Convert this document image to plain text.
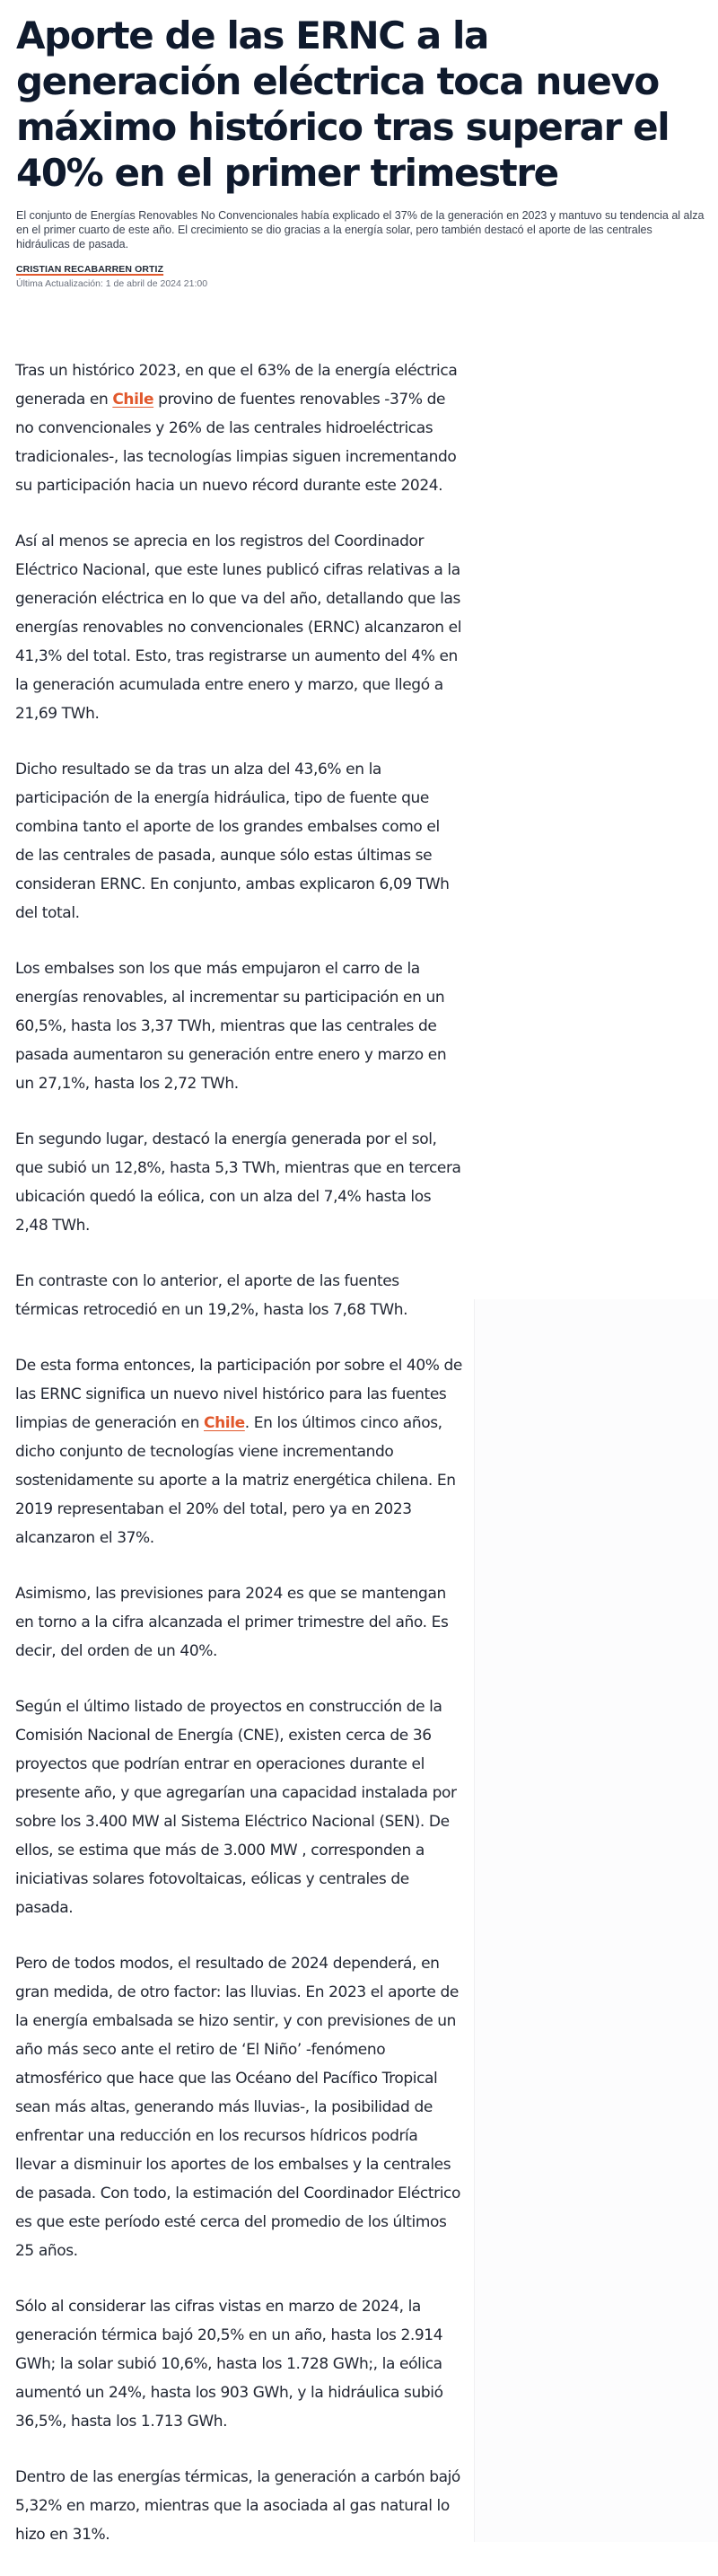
Aporte de las ERNC a la generación eléctrica toca nuevo máximo histórico tras superar el 40% en el primer trimestre

El conjunto de Energías Renovables No Convencionales había explicado el 37% de la generación en 2023 y mantuvo su tendencia al alza en el primer cuarto de este año. El crecimiento se dio gracias a la energía solar, pero también destacó el aporte de las centrales hidráulicas de pasada.

CRISTIAN RECABARREN ORTIZ
Última Actualización: 1 de abril de 2024 21:00

Tras un histórico 2023, en que el 63% de la energía eléctrica generada en Chile provino de fuentes renovables -37% de no convencionales y 26% de las centrales hidroeléctricas tradicionales-, las tecnologías limpias siguen incrementando su participación hacia un nuevo récord durante este 2024.

Así al menos se aprecia en los registros del Coordinador Eléctrico Nacional, que este lunes publicó cifras relativas a la generación eléctrica en lo que va del año, detallando que las energías renovables no convencionales (ERNC) alcanzaron el 41,3% del total. Esto, tras registrarse un aumento del 4% en la generación acumulada entre enero y marzo, que llegó a 21,69 TWh.

Dicho resultado se da tras un alza del 43,6% en la participación de la energía hidráulica, tipo de fuente que combina tanto el aporte de los grandes embalses como el de las centrales de pasada, aunque sólo estas últimas se consideran ERNC. En conjunto, ambas explicaron 6,09 TWh del total.

Los embalses son los que más empujaron el carro de la energías renovables, al incrementar su participación en un 60,5%, hasta los 3,37 TWh, mientras que las centrales de pasada aumentaron su generación entre enero y marzo en un 27,1%, hasta los 2,72 TWh.

En segundo lugar, destacó la energía generada por el sol, que subió un 12,8%, hasta 5,3 TWh, mientras que en tercera ubicación quedó la eólica, con un alza del 7,4% hasta los 2,48 TWh.

En contraste con lo anterior, el aporte de las fuentes térmicas retrocedió en un 19,2%, hasta los 7,68 TWh.

De esta forma entonces, la participación por sobre el 40% de las ERNC significa un nuevo nivel histórico para las fuentes limpias de generación en Chile. En los últimos cinco años, dicho conjunto de tecnologías viene incrementando sostenidamente su aporte a la matriz energética chilena. En 2019 representaban el 20% del total, pero ya en 2023 alcanzaron el 37%.

Asimismo, las previsiones para 2024 es que se mantengan en torno a la cifra alcanzada el primer trimestre del año. Es decir, del orden de un 40%.

Según el último listado de proyectos en construcción de la Comisión Nacional de Energía (CNE), existen cerca de 36 proyectos que podrían entrar en operaciones durante el presente año, y que agregarían una capacidad instalada por sobre los 3.400 MW al Sistema Eléctrico Nacional (SEN). De ellos, se estima que más de 3.000 MW , corresponden a iniciativas solares fotovoltaicas, eólicas y centrales de pasada.

Pero de todos modos, el resultado de 2024 dependerá, en gran medida, de otro factor: las lluvias. En 2023 el aporte de la energía embalsada se hizo sentir, y con previsiones de un año más seco ante el retiro de ‘El Niño’ -fenómeno atmosférico que hace que las Océano del Pacífico Tropical sean más altas, generando más lluvias-, la posibilidad de enfrentar una reducción en los recursos hídricos podría llevar a disminuir los aportes de los embalses y la centrales de pasada. Con todo, la estimación del Coordinador Eléctrico es que este período esté cerca del promedio de los últimos 25 años.

Sólo al considerar las cifras vistas en marzo de 2024, la generación térmica bajó 20,5% en un año, hasta los 2.914 GWh; la solar subió 10,6%, hasta los 1.728 GWh;, la eólica aumentó un 24%, hasta los 903 GWh, y la hidráulica subió 36,5%, hasta los 1.713 GWh.

Dentro de las energías térmicas, la generación a carbón bajó 5,32% en marzo, mientras que la asociada al gas natural lo hizo en 31%.
